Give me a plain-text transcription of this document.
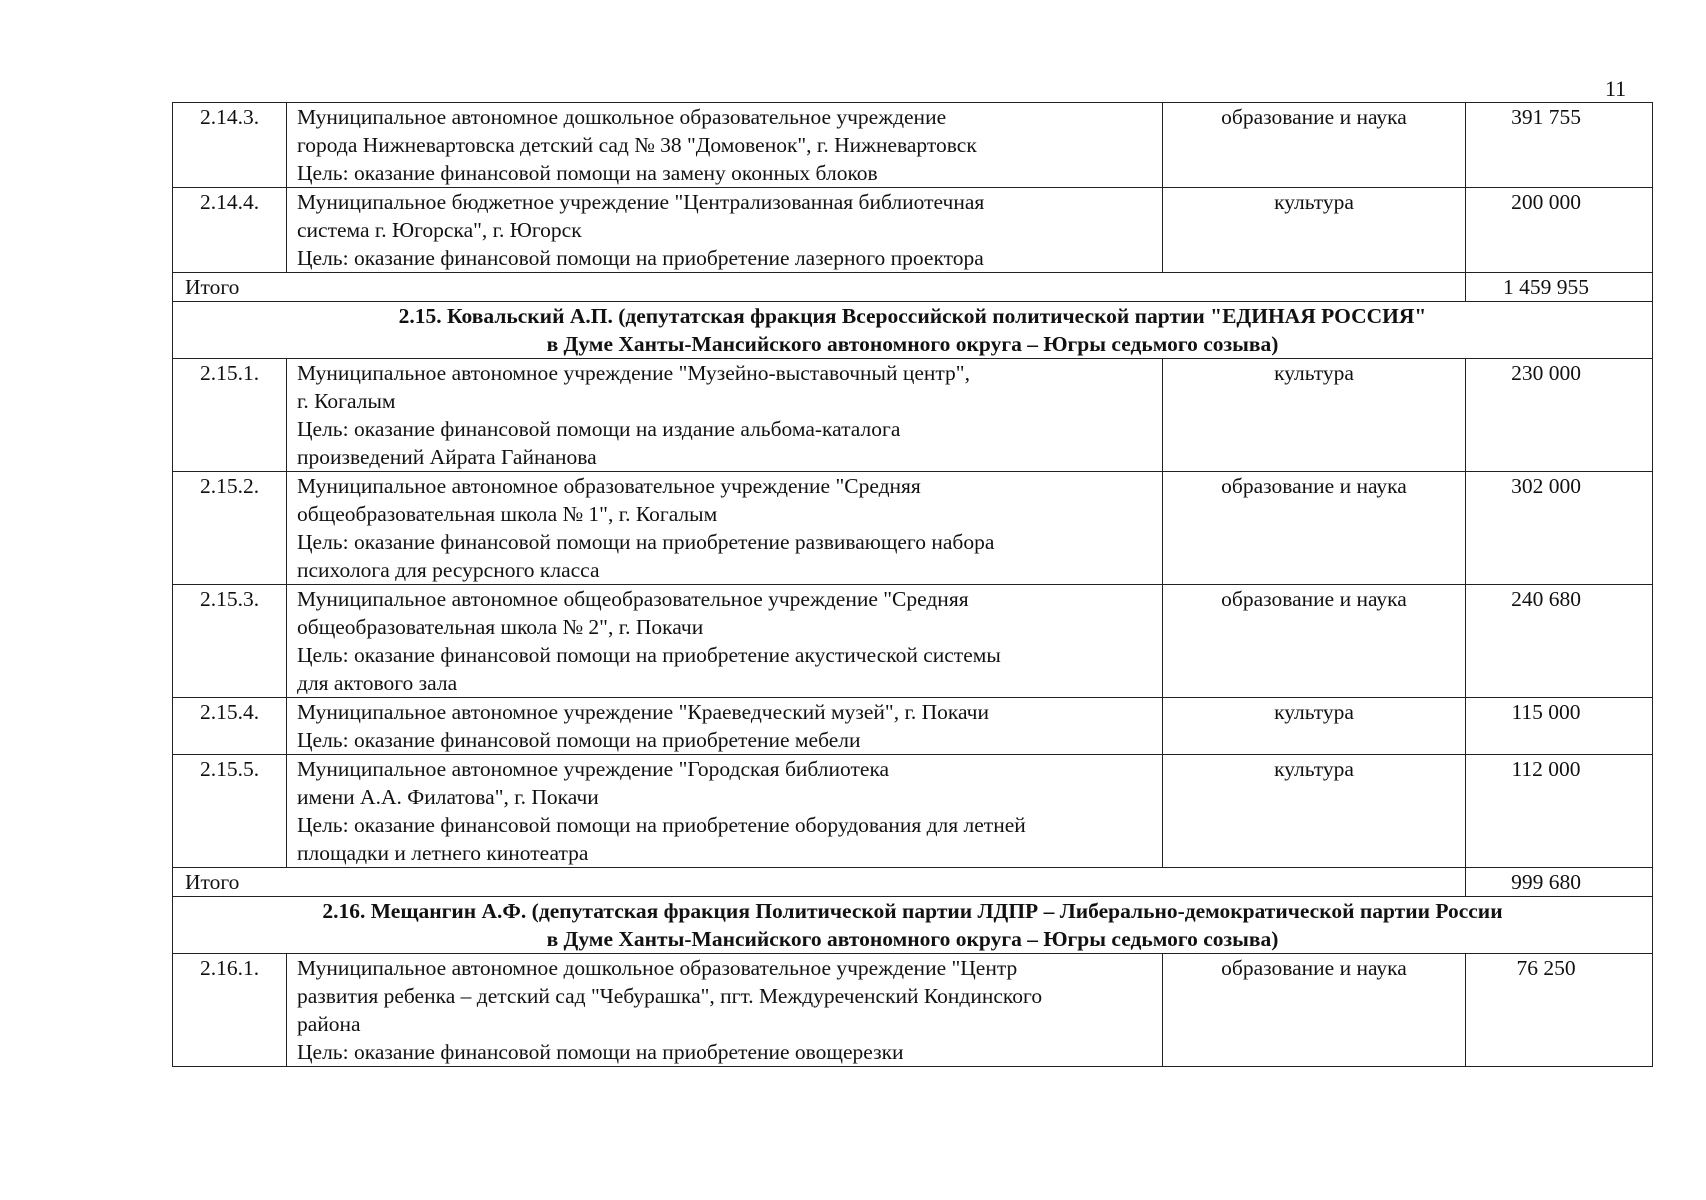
11
2.14.3.	Муниципальное автономное дошкольное образовательное учреждение
города Нижневартовска детский сад № 38 "Домовенок", г. Нижневартовск
Цель: оказание финансовой помощи на замену оконных блоков	образование и наука	391 755
2.14.4.	Муниципальное бюджетное учреждение "Централизованная библиотечная
система г. Югорска", г. Югорск
Цель: оказание финансовой помощи на приобретение лазерного проектора	культура	200 000
Итого			1 459 955

2.15. Ковальский А.П. (депутатская фракция Всероссийской политической партии "ЕДИНАЯ РОССИЯ"
в Думе Ханты-Мансийского автономного округа – Югры седьмого созыва)			

2.15.1.	Муниципальное автономное учреждение "Музейно-выставочный центр",
г. Когалым
Цель: оказание финансовой помощи на издание альбома-каталога
произведений Айрата Гайнанова	культура	230 000
2.15.2.	Муниципальное автономное образовательное учреждение "Средняя
общеобразовательная школа № 1", г. Когалым
Цель: оказание финансовой помощи на приобретение развивающего набора
психолога для ресурсного класса	образование и наука	302 000
2.15.3.	Муниципальное автономное общеобразовательное учреждение "Средняя
общеобразовательная школа № 2", г. Покачи
Цель: оказание финансовой помощи на приобретение акустической системы
для актового зала	образование и наука	240 680
2.15.4.	Муниципальное автономное учреждение "Краеведческий музей", г. Покачи
Цель: оказание финансовой помощи на приобретение мебели	культура	115 000
2.15.5.	Муниципальное автономное учреждение "Городская библиотека
имени А.А. Филатова", г. Покачи
Цель: оказание финансовой помощи на приобретение оборудования для летней
площадки и летнего кинотеатра	культура	112 000
Итого			999 680

2.16. Мещангин А.Ф. (депутатская фракция Политической партии ЛДПР – Либерально-демократической партии России
в Думе Ханты-Мансийского автономного округа – Югры седьмого созыва)			

2.16.1.	Муниципальное автономное дошкольное образовательное учреждение "Центр
развития ребенка – детский сад "Чебурашка", пгт. Междуреченский Кондинского
района
Цель: оказание финансовой помощи на приобретение овощерезки	образование и наука	76 250
